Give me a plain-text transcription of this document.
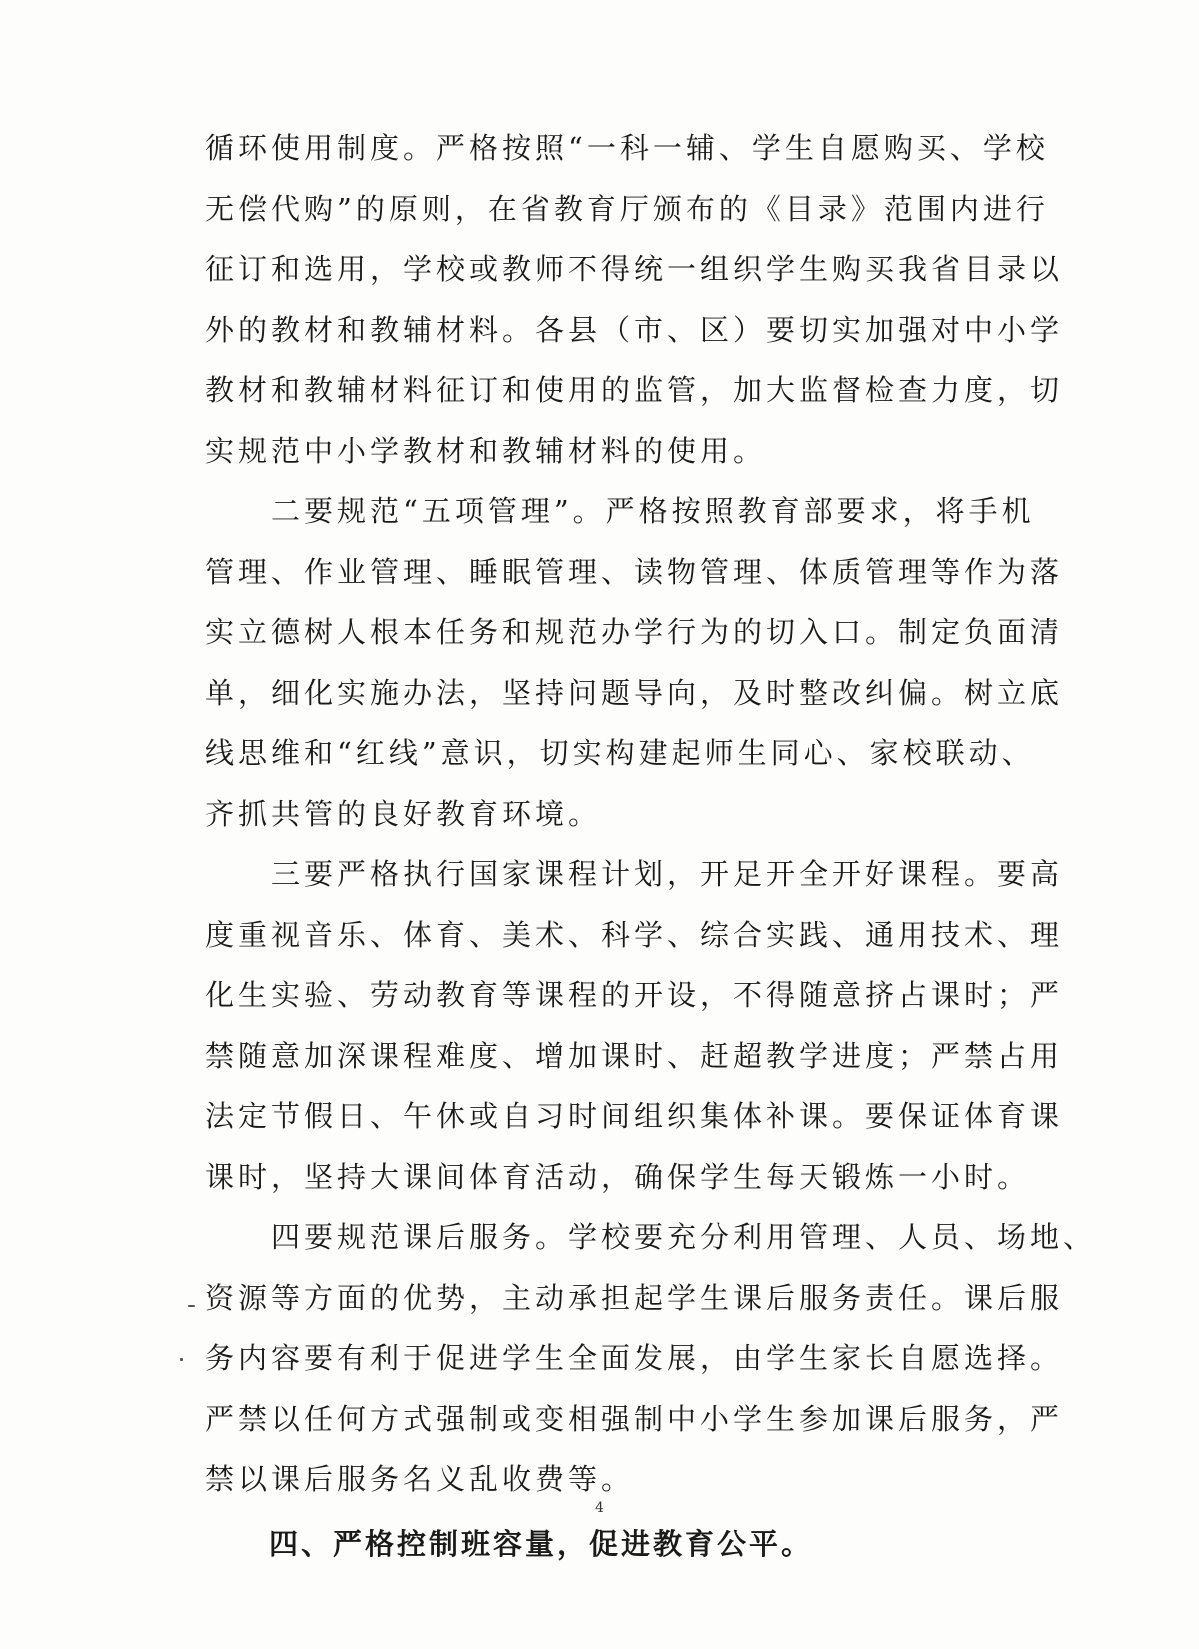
循环使用制度。严格按照“一科一辅、学生自愿购买、学校
无偿代购”的原则，在省教育厅颁布的《目录》范围内进行
征订和选用，学校或教师不得统一组织学生购买我省目录以
外的教材和教辅材料。各县（市、区）要切实加强对中小学
教材和教辅材料征订和使用的监管，加大监督检查力度，切
实规范中小学教材和教辅材料的使用。
　　二要规范“五项管理”。严格按照教育部要求，将手机
管理、作业管理、睡眠管理、读物管理、体质管理等作为落
实立德树人根本任务和规范办学行为的切入口。制定负面清
单，细化实施办法，坚持问题导向，及时整改纠偏。树立底
线思维和“红线”意识，切实构建起师生同心、家校联动、
齐抓共管的良好教育环境。
　　三要严格执行国家课程计划，开足开全开好课程。要高
度重视音乐、体育、美术、科学、综合实践、通用技术、理
化生实验、劳动教育等课程的开设，不得随意挤占课时；严
禁随意加深课程难度、增加课时、赶超教学进度；严禁占用
法定节假日、午休或自习时间组织集体补课。要保证体育课
课时，坚持大课间体育活动，确保学生每天锻炼一小时。
　　四要规范课后服务。学校要充分利用管理、人员、场地、
资源等方面的优势，主动承担起学生课后服务责任。课后服
务内容要有利于促进学生全面发展，由学生家长自愿选择。
严禁以任何方式强制或变相强制中小学生参加课后服务，严
禁以课后服务名义乱收费等。
　　四、严格控制班容量，促进教育公平。
4
